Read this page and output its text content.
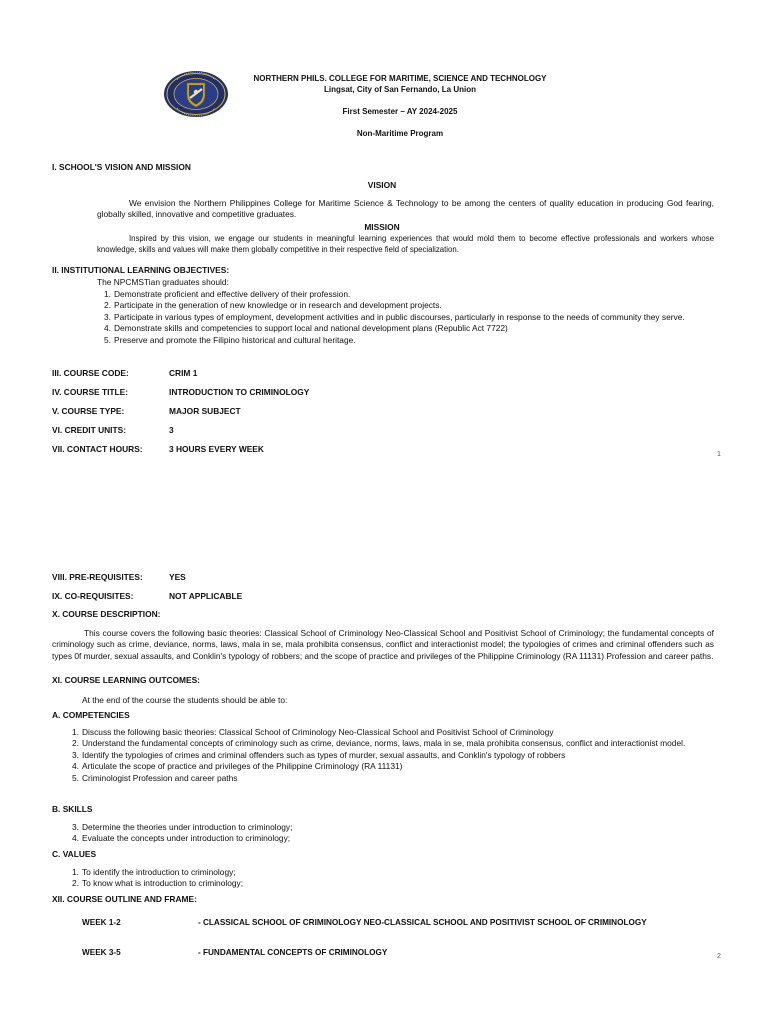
NORTHERN PHILS. COLLEGE FOR MARITIME, SCIENCE AND TECHNOLOGY
Lingsat, City of San Fernando, La Union
First Semester – AY 2024-2025
Non-Maritime Program
I. SCHOOL'S VISION AND MISSION
VISION
We envision the Northern Philippines College for Maritime Science & Technology to be among the centers of quality education in producing God fearing, globally skilled, innovative and competitive graduates.
MISSION
Inspired by this vision, we engage our students in meaningful learning experiences that would mold them to become effective professionals and workers whose knowledge, skills and values will make them globally competitive in their respective field of specialization.
II. INSTITUTIONAL LEARNING OBJECTIVES:
The NPCMSTian graduates should:
1. Demonstrate proficient and effective delivery of their profession.
2. Participate in the generation of new knowledge or in research and development projects.
3. Participate in various types of employment, development activities and in public discourses, particularly in response to the needs of community they serve.
4. Demonstrate skills and competencies to support local and national development plans (Republic Act 7722)
5. Preserve and promote the Filipino historical and cultural heritage.
III. COURSE CODE:	CRIM 1
IV. COURSE TITLE:	INTRODUCTION TO CRIMINOLOGY
V. COURSE TYPE:	MAJOR SUBJECT
VI. CREDIT UNITS:	3
VII. CONTACT HOURS:	3 HOURS EVERY WEEK
1
VIII. PRE-REQUISITES:	YES
IX. CO-REQUISITES:	NOT APPLICABLE
X. COURSE DESCRIPTION:
This course covers the following basic theories: Classical School of Criminology Neo-Classical School and Positivist School of Criminology; the fundamental concepts of criminology such as crime, deviance, norms, laws, mala in se, mala prohibita consensus, conflict and interactionist model; the typologies of crimes and criminal offenders such as types 0f murder, sexual assaults, and Conklin's typology of robbers; and the scope of practice and privileges of the Philippine Criminology (RA 11131) Profession and career paths.
XI. COURSE LEARNING OUTCOMES:
At the end of the course the students should be able to:
A. COMPETENCIES
1. Discuss the following basic theories: Classical School of Criminology Neo-Classical School and Positivist School of Criminology
2. Understand the fundamental concepts of criminology such as crime, deviance, norms, laws, mala in se, mala prohibita consensus, conflict and interactionist model.
3. Identify the typologies of crimes and criminal offenders such as types of murder, sexual assaults, and Conklin's typology of robbers
4. Articulate the scope of practice and privileges of the Philippine Criminology (RA 11131)
5. Criminologist Profession and career paths
B. SKILLS
3. Determine the theories under introduction to criminology;
4. Evaluate the concepts under introduction to criminology;
C. VALUES
1. To identify the introduction to criminology;
2. To know what is introduction to criminology;
XII. COURSE OUTLINE AND FRAME:
WEEK 1-2	- CLASSICAL SCHOOL OF CRIMINOLOGY NEO-CLASSICAL SCHOOL AND POSITIVIST SCHOOL OF CRIMINOLOGY
WEEK 3-5	- FUNDAMENTAL CONCEPTS OF CRIMINOLOGY	2
